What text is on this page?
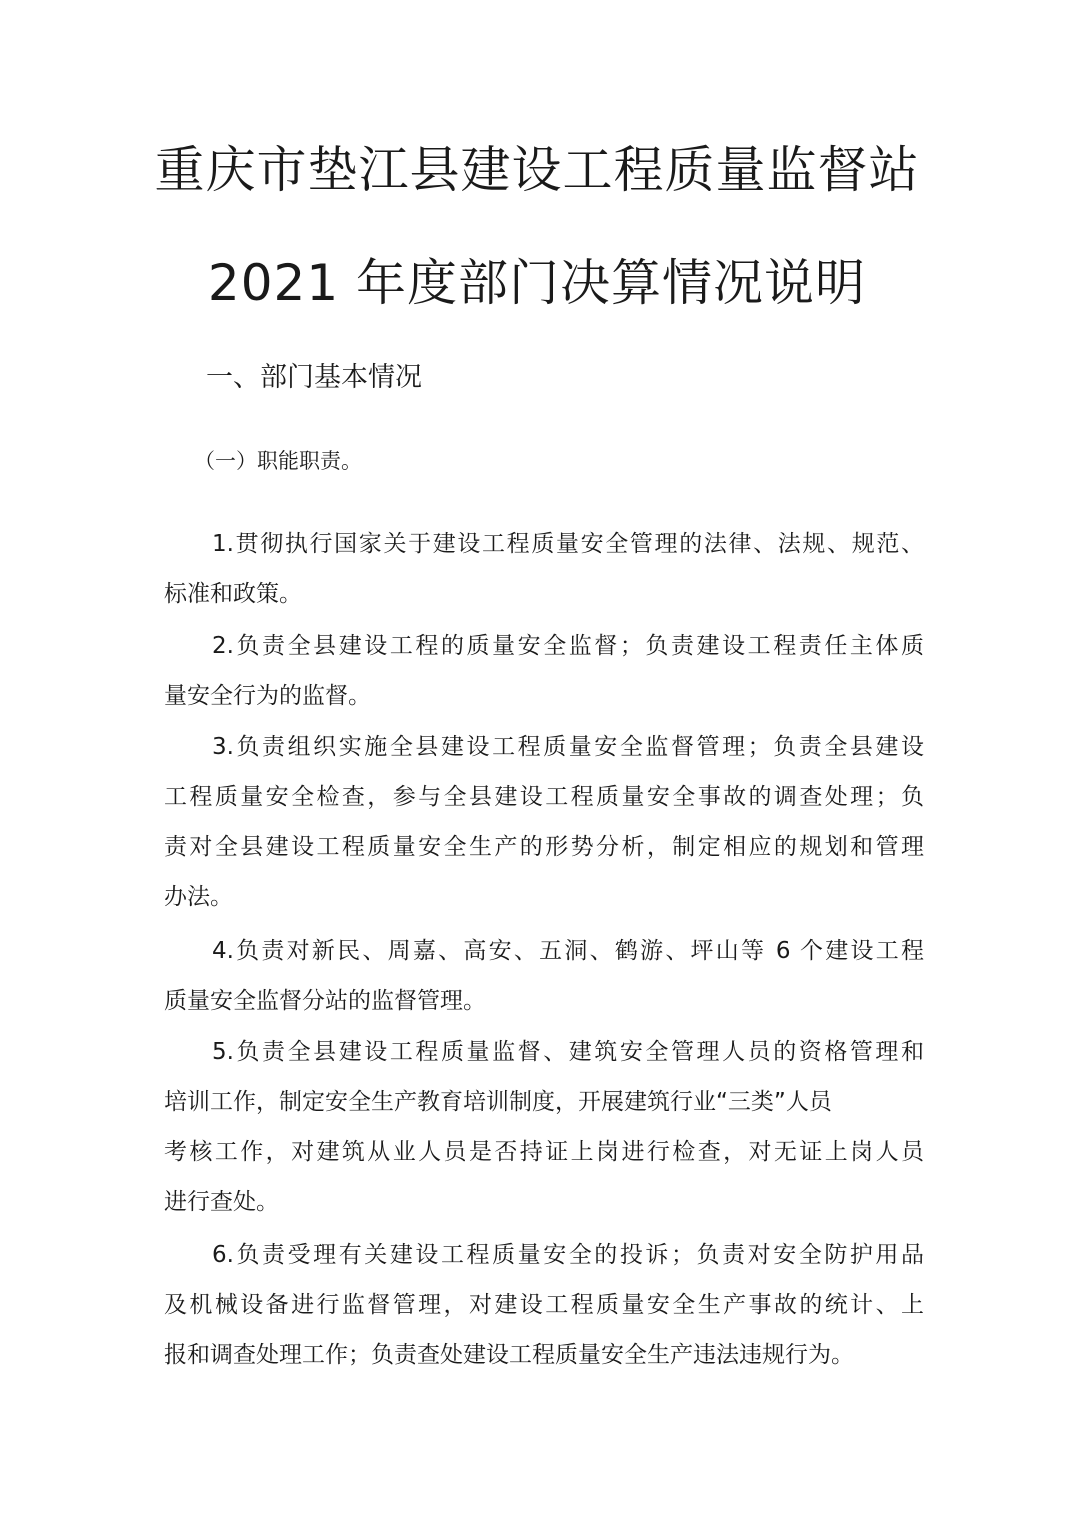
重庆市垫江县建设工程质量监督站
2021 年度部门决算情况说明
一、部门基本情况
（一）职能职责。
1.贯彻执行国家关于建设工程质量安全管理的法律、法规、规范、
标准和政策。
2.负责全县建设工程的质量安全监督；负责建设工程责任主体质
量安全行为的监督。
3.负责组织实施全县建设工程质量安全监督管理；负责全县建设
工程质量安全检查，参与全县建设工程质量安全事故的调查处理；负
责对全县建设工程质量安全生产的形势分析，制定相应的规划和管理
办法。
4.负责对新民、周嘉、高安、五洞、鹤游、坪山等 6 个建设工程
质量安全监督分站的监督管理。
5.负责全县建设工程质量监督、建筑安全管理人员的资格管理和
培训工作，制定安全生产教育培训制度，开展建筑行业“三类”人员
考核工作，对建筑从业人员是否持证上岗进行检查，对无证上岗人员
进行查处。
6.负责受理有关建设工程质量安全的投诉；负责对安全防护用品
及机械设备进行监督管理，对建设工程质量安全生产事故的统计、上
报和调查处理工作；负责查处建设工程质量安全生产违法违规行为。
